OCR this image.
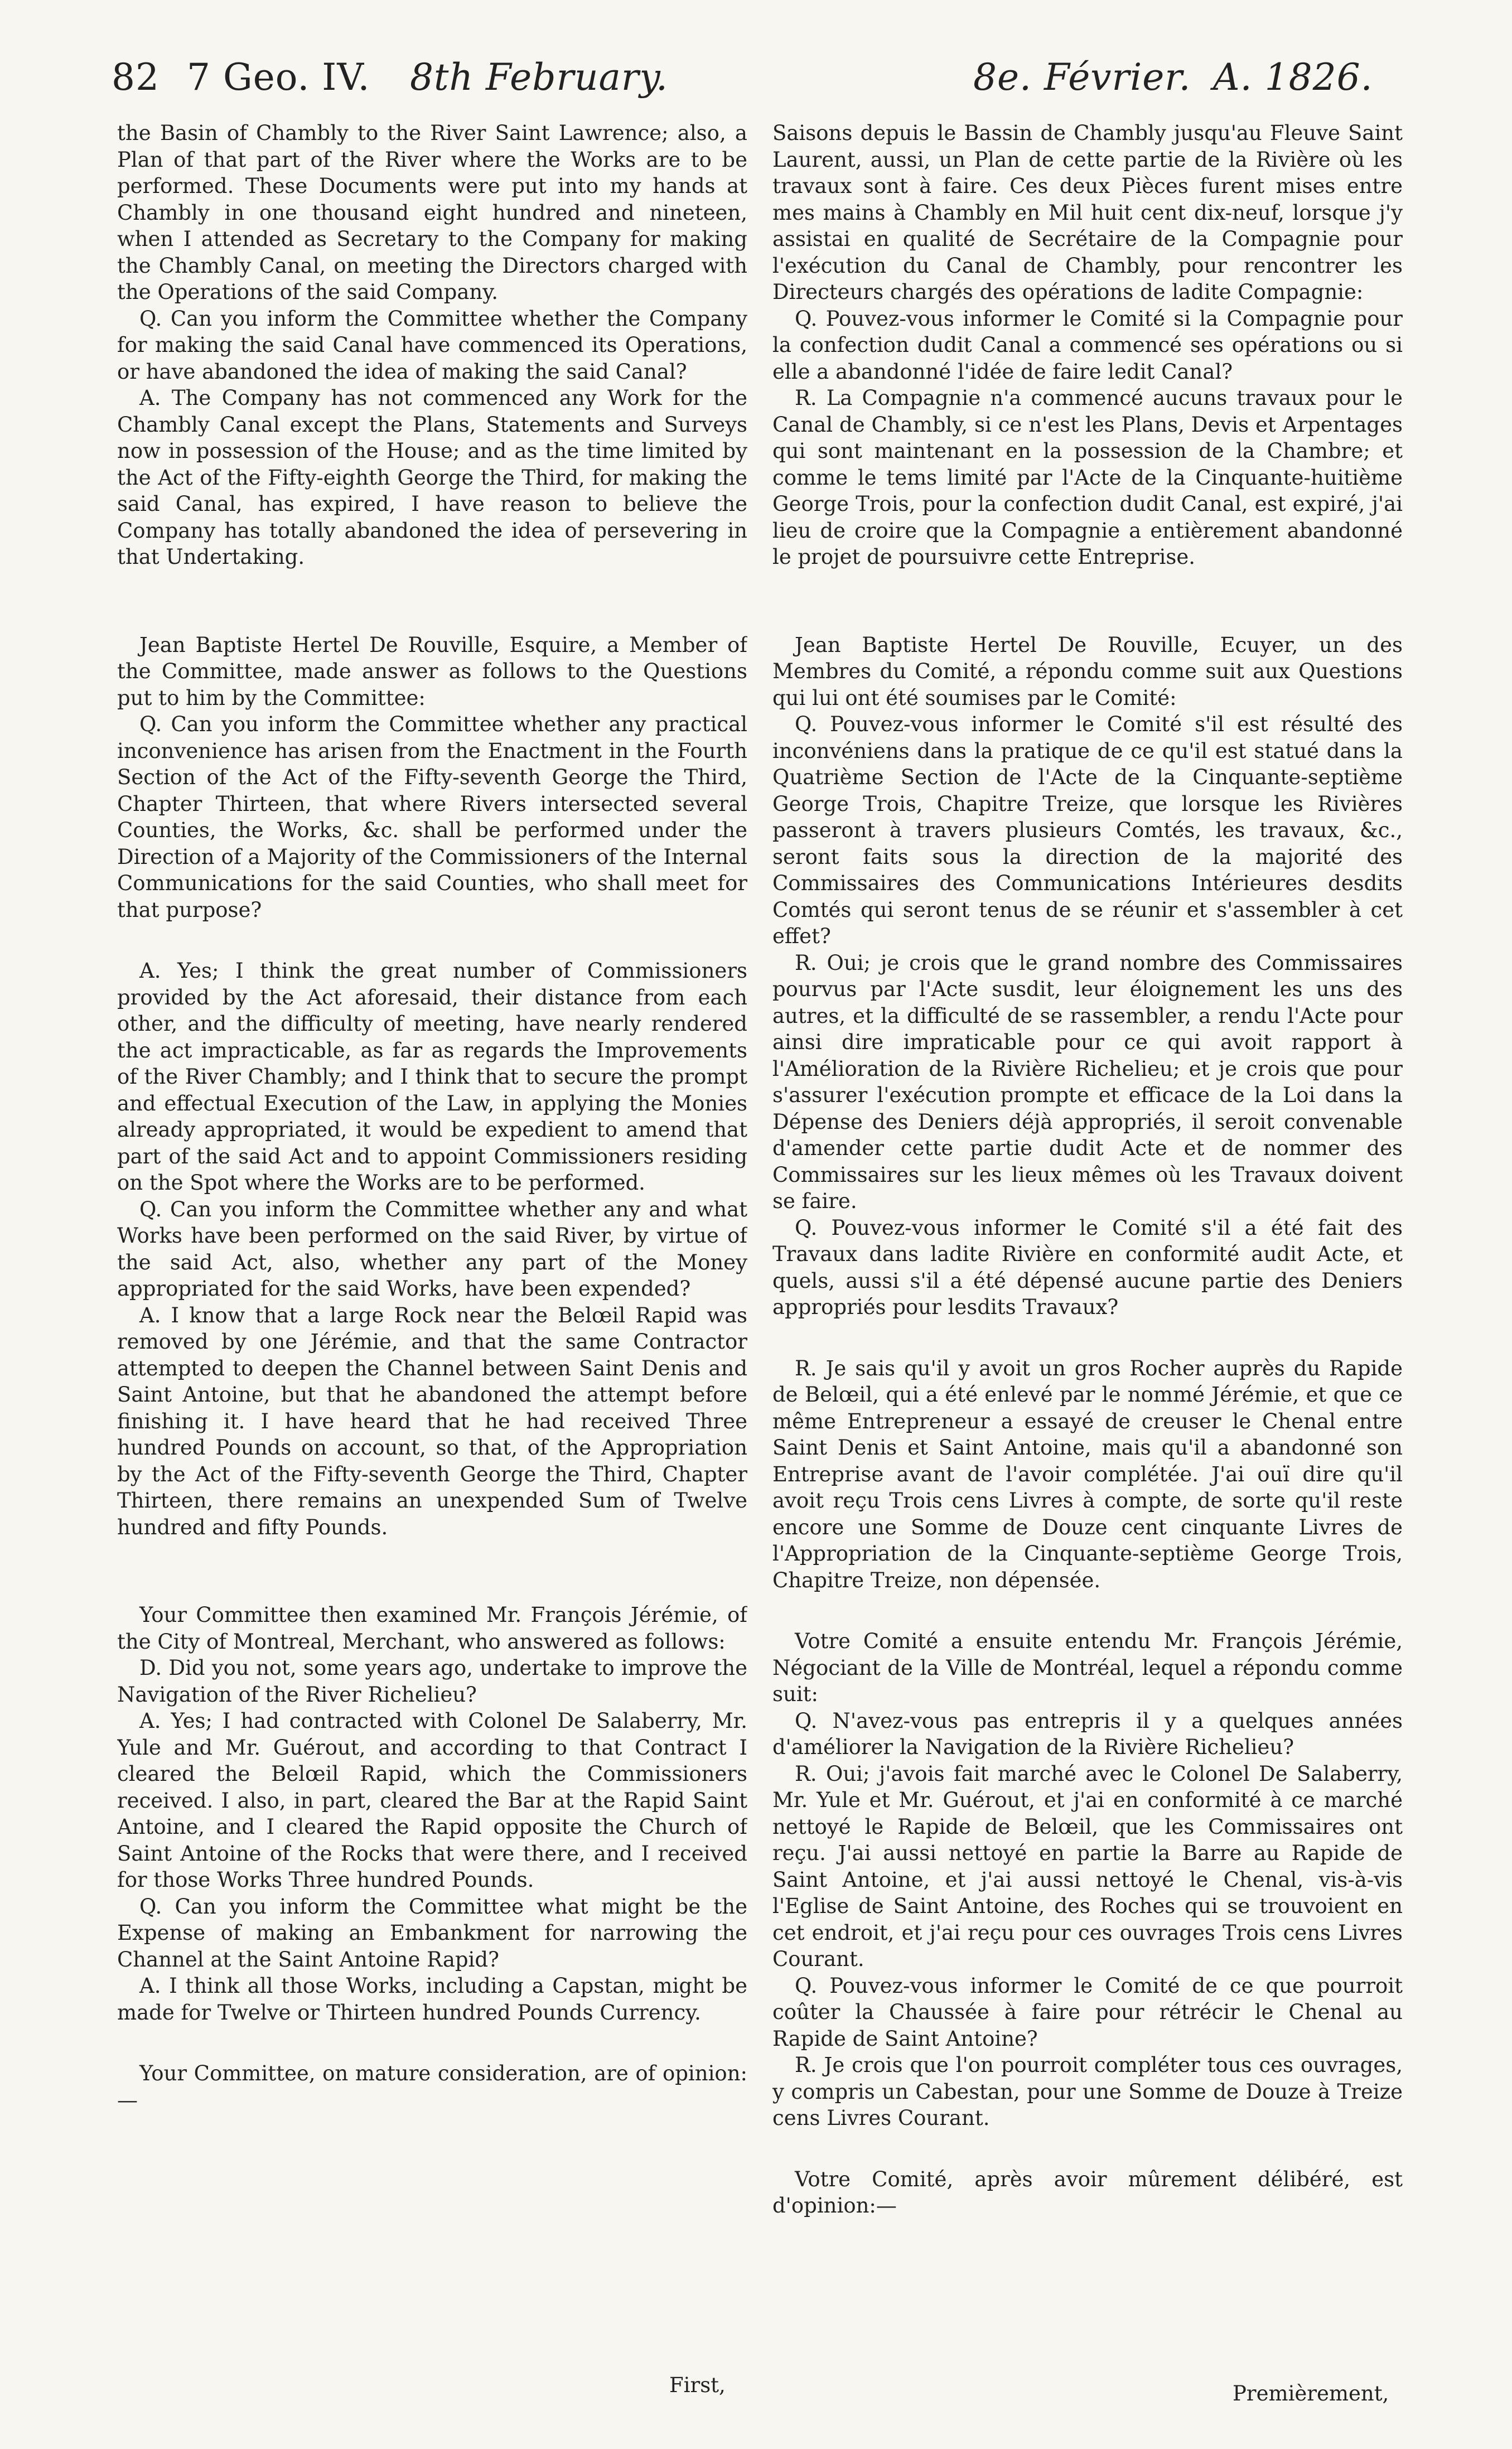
82 7 Geo. IV. 8th February.	8e. Février. A. 1826.

the Basin of Chambly to the River Saint Lawrence; also, a Plan of that part of the River where the Works are to be performed. These Documents were put into my hands at Chambly in one thousand eight hundred and nineteen, when I attended as Secretary to the Company for making the Chambly Canal, on meeting the Directors charged with the Operations of the said Company.

Q. Can you inform the Committee whether the Company for making the said Canal have commenced its Operations, or have abandoned the idea of making the said Canal?

A. The Company has not commenced any Work for the Chambly Canal except the Plans, Statements and Surveys now in possession of the House; and as the time limited by the Act of the Fifty-eighth George the Third, for making the said Canal, has expired, I have reason to believe the Company has totally abandoned the idea of persevering in that Undertaking.

Jean Baptiste Hertel De Rouville, Esquire, a Member of the Committee, made answer as follows to the Questions put to him by the Committee:

Q. Can you inform the Committee whether any practical inconvenience has arisen from the Enactment in the Fourth Section of the Act of the Fifty-seventh George the Third, Chapter Thirteen, that where Rivers intersected several Counties, the Works, &c. shall be performed under the Direction of a Majority of the Commissioners of the Internal Communications for the said Counties, who shall meet for that purpose?

A. Yes; I think the great number of Commissioners provided by the Act aforesaid, their distance from each other, and the difficulty of meeting, have nearly rendered the act impracticable, as far as regards the Improvements of the River Chambly; and I think that to secure the prompt and effectual Execution of the Law, in applying the Monies already appropriated, it would be expedient to amend that part of the said Act and to appoint Commissioners residing on the Spot where the Works are to be performed.

Q. Can you inform the Committee whether any and what Works have been performed on the said River, by virtue of the said Act, also, whether any part of the Money appropriated for the said Works, have been expended?

A. I know that a large Rock near the Belœil Rapid was removed by one Jérémie, and that the same Contractor attempted to deepen the Channel between Saint Denis and Saint Antoine, but that he abandoned the attempt before finishing it. I have heard that he had received Three hundred Pounds on account, so that, of the Appropriation by the Act of the Fifty-seventh George the Third, Chapter Thirteen, there remains an unexpended Sum of Twelve hundred and fifty Pounds.

Your Committee then examined Mr. François Jérémie, of the City of Montreal, Merchant, who answered as follows:

D. Did you not, some years ago, undertake to improve the Navigation of the River Richelieu?

A. Yes; I had contracted with Colonel De Salaberry, Mr. Yule and Mr. Guérout, and according to that Contract I cleared the Belœil Rapid, which the Commissioners received. I also, in part, cleared the Bar at the Rapid Saint Antoine, and I cleared the Rapid opposite the Church of Saint Antoine of the Rocks that were there, and I received for those Works Three hundred Pounds.

Q. Can you inform the Committee what might be the Expense of making an Embankment for narrowing the Channel at the Saint Antoine Rapid?

A. I think all those Works, including a Capstan, might be made for Twelve or Thirteen hundred Pounds Currency.

Your Committee, on mature consideration, are of opinion:—

Saisons depuis le Bassin de Chambly jusqu'au Fleuve Saint Laurent, aussi, un Plan de cette partie de la Rivière où les travaux sont à faire. Ces deux Pièces furent mises entre mes mains à Chambly en Mil huit cent dix-neuf, lorsque j'y assistai en qualité de Secrétaire de la Compagnie pour l'exécution du Canal de Chambly, pour rencontrer les Directeurs chargés des opérations de ladite Compagnie:

Q. Pouvez-vous informer le Comité si la Compagnie pour la confection dudit Canal a commencé ses opérations ou si elle a abandonné l'idée de faire ledit Canal?

R. La Compagnie n'a commencé aucuns travaux pour le Canal de Chambly, si ce n'est les Plans, Devis et Arpentages qui sont maintenant en la possession de la Chambre; et comme le tems limité par l'Acte de la Cinquante-huitième George Trois, pour la confection dudit Canal, est expiré, j'ai lieu de croire que la Compagnie a entièrement abandonné le projet de poursuivre cette Entreprise.

Jean Baptiste Hertel De Rouville, Ecuyer, un des Membres du Comité, a répondu comme suit aux Questions qui lui ont été soumises par le Comité:

Q. Pouvez-vous informer le Comité s'il est résulté des inconvéniens dans la pratique de ce qu'il est statué dans la Quatrième Section de l'Acte de la Cinquante-septième George Trois, Chapitre Treize, que lorsque les Rivières passeront à travers plusieurs Comtés, les travaux, &c., seront faits sous la direction de la majorité des Commissaires des Communications Intérieures desdits Comtés qui seront tenus de se réunir et s'assembler à cet effet?

R. Oui; je crois que le grand nombre des Commissaires pourvus par l'Acte susdit, leur éloignement les uns des autres, et la difficulté de se rassembler, a rendu l'Acte pour ainsi dire impraticable pour ce qui avoit rapport à l'Amélioration de la Rivière Richelieu; et je crois que pour s'assurer l'exécution prompte et efficace de la Loi dans la Dépense des Deniers déjà appropriés, il seroit convenable d'amender cette partie dudit Acte et de nommer des Commissaires sur les lieux mêmes où les Travaux doivent se faire.

Q. Pouvez-vous informer le Comité s'il a été fait des Travaux dans ladite Rivière en conformité audit Acte, et quels, aussi s'il a été dépensé aucune partie des Deniers appropriés pour lesdits Travaux?

R. Je sais qu'il y avoit un gros Rocher auprès du Rapide de Belœil, qui a été enlevé par le nommé Jérémie, et que ce même Entrepreneur a essayé de creuser le Chenal entre Saint Denis et Saint Antoine, mais qu'il a abandonné son Entreprise avant de l'avoir complétée. J'ai ouï dire qu'il avoit reçu Trois cens Livres à compte, de sorte qu'il reste encore une Somme de Douze cent cinquante Livres de l'Appropriation de la Cinquante-septième George Trois, Chapitre Treize, non dépensée.

Votre Comité a ensuite entendu Mr. François Jérémie, Négociant de la Ville de Montréal, lequel a répondu comme suit:

Q. N'avez-vous pas entrepris il y a quelques années d'améliorer la Navigation de la Rivière Richelieu?

R. Oui; j'avois fait marché avec le Colonel De Salaberry, Mr. Yule et Mr. Guérout, et j'ai en conformité à ce marché nettoyé le Rapide de Belœil, que les Commissaires ont reçu. J'ai aussi nettoyé en partie la Barre au Rapide de Saint Antoine, et j'ai aussi nettoyé le Chenal, vis-à-vis l'Eglise de Saint Antoine, des Roches qui se trouvoient en cet endroit, et j'ai reçu pour ces ouvrages Trois cens Livres Courant.

Q. Pouvez-vous informer le Comité de ce que pourroit coûter la Chaussée à faire pour rétrécir le Chenal au Rapide de Saint Antoine?

R. Je crois que l'on pourroit compléter tous ces ouvrages, y compris un Cabestan, pour une Somme de Douze à Treize cens Livres Courant.

Votre Comité, après avoir mûrement délibéré, est d'opinion:—

First,	Premièrement,
